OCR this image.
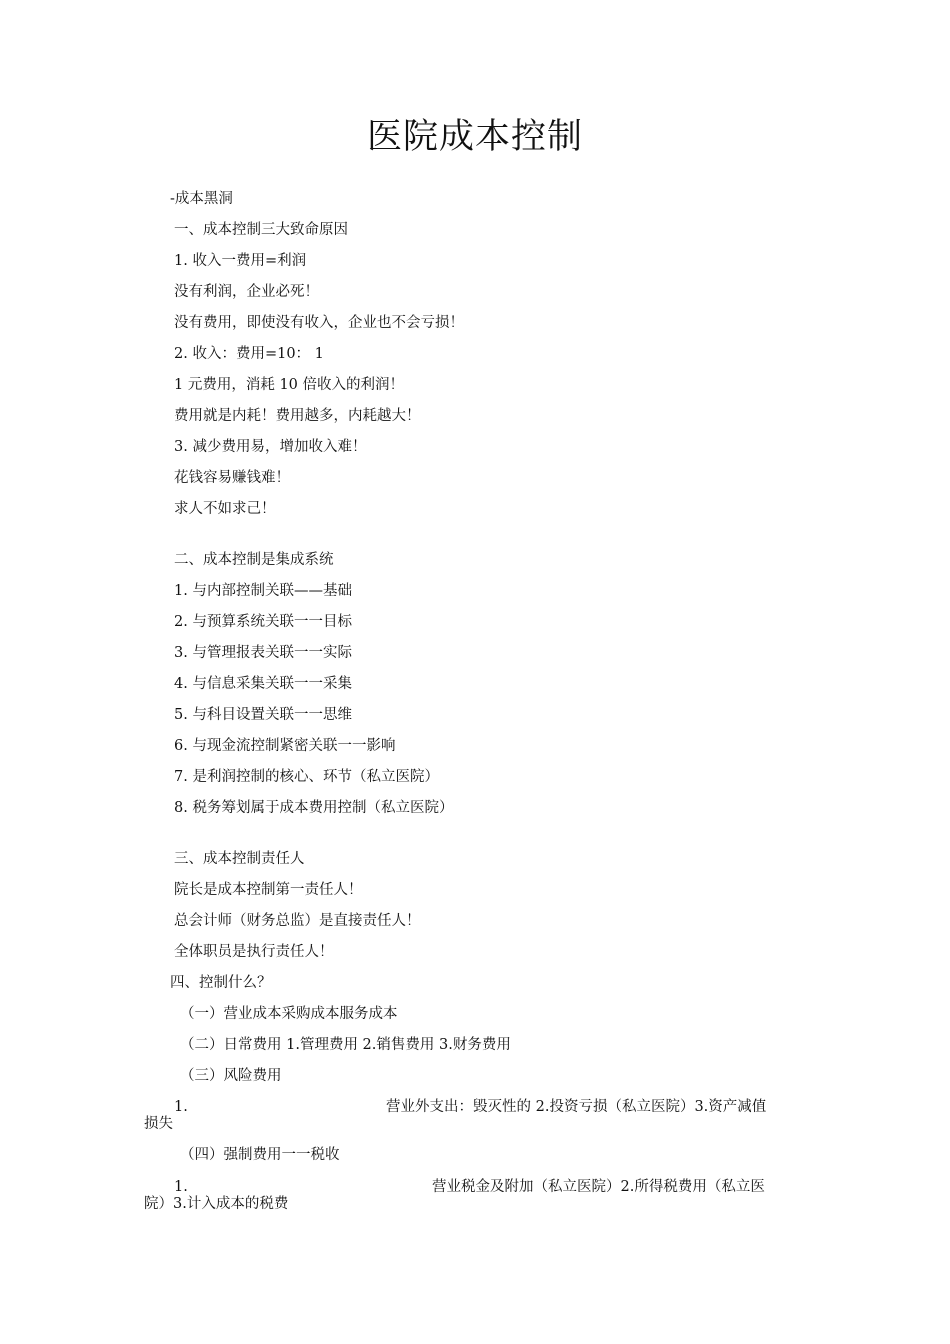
医院成本控制
-成本黑洞
一、成本控制三大致命原因
1. 收入一费用=利润
没有利润，企业必死！
没有费用，即使没有收入，企业也不会亏损！
2. 收入：费用=10： 1
1 元费用，消耗 10 倍收入的利润！
费用就是内耗！费用越多，内耗越大！
3. 减少费用易，增加收入难！
花钱容易赚钱难！
求人不如求己！
二、成本控制是集成系统
1. 与内部控制关联——基础
2. 与预算系统关联一一目标
3. 与管理报表关联一一实际
4. 与信息采集关联一一采集
5. 与科目设置关联一一思维
6. 与现金流控制紧密关联一一影响
7. 是利润控制的核心、环节（私立医院）
8. 税务筹划属于成本费用控制（私立医院）
三、成本控制责任人
院长是成本控制第一责任人！
总会计师（财务总监）是直接责任人！
全体职员是执行责任人！
四、控制什么？
（一）营业成本采购成本服务成本
（二）日常费用 1.管理费用 2.销售费用 3.财务费用
（三）风险费用
1.	营业外支出：毁灭性的 2.投资亏损（私立医院）3.资产减值
损失
（四）强制费用一一税收
1.	营业税金及附加（私立医院）2.所得税费用（私立医
院）3.计入成本的税费
